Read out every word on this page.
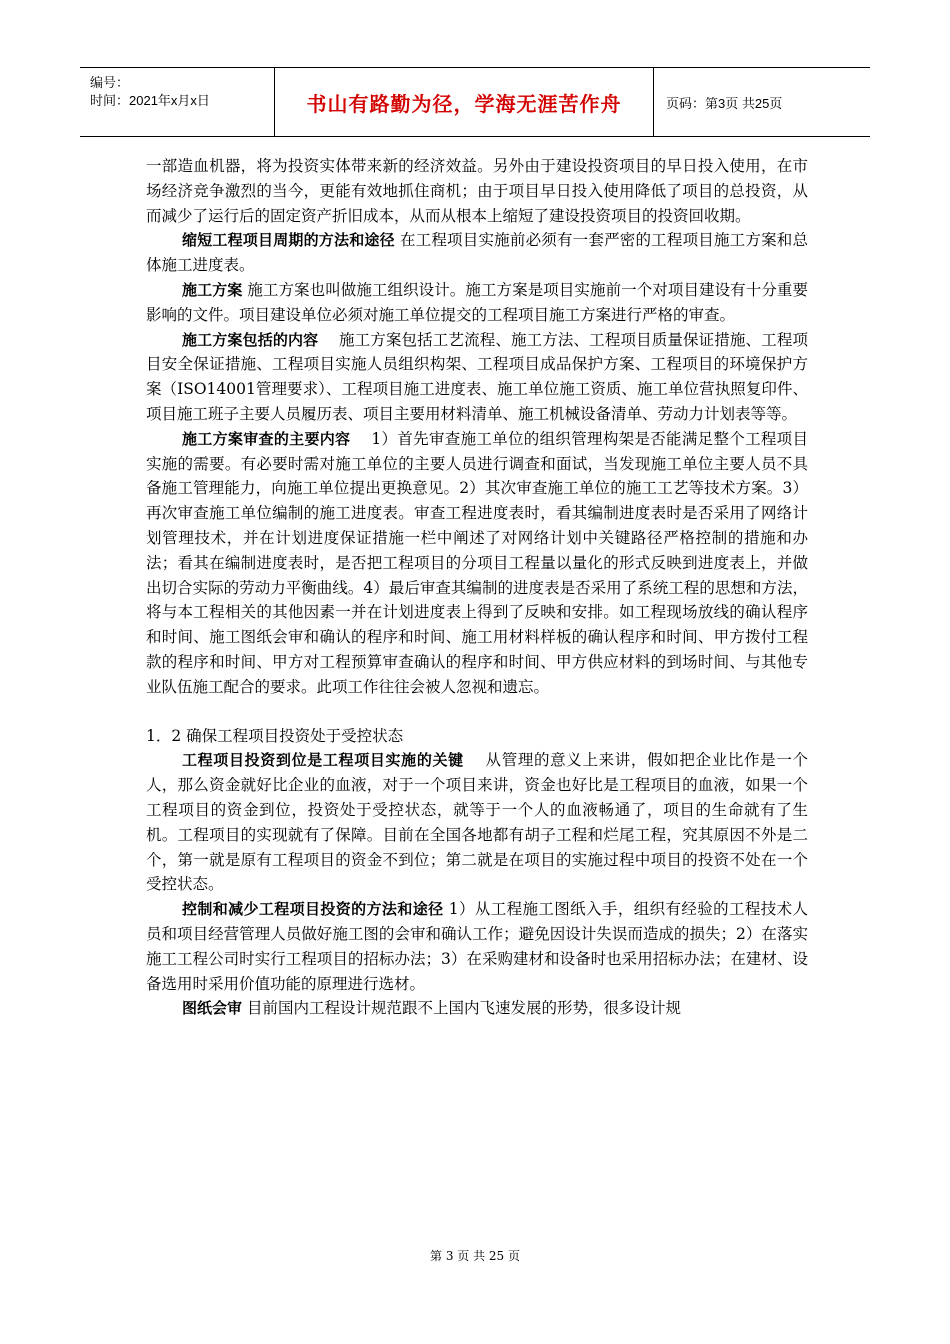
编号：
时间：2021年x月x日	书山有路勤为径，学海无涯苦作舟	页码：第3页 共25页

一部造血机器，将为投资实体带来新的经济效益。另外由于建设投资项目的早日投入使用，在市场经济竞争激烈的当今，更能有效地抓住商机；由于项目早日投入使用降低了项目的总投资，从而减少了运行后的固定资产折旧成本，从而从根本上缩短了建设投资项目的投资回收期。

缩短工程项目周期的方法和途径 在工程项目实施前必须有一套严密的工程项目施工方案和总体施工进度表。

施工方案 施工方案也叫做施工组织设计。施工方案是项目实施前一个对项目建设有十分重要影响的文件。项目建设单位必须对施工单位提交的工程项目施工方案进行严格的审查。

施工方案包括的内容　 施工方案包括工艺流程、施工方法、工程项目质量保证措施、工程项目安全保证措施、工程项目实施人员组织构架、工程项目成品保护方案、工程项目的环境保护方案（ISO14001管理要求）、工程项目施工进度表、施工单位施工资质、施工单位营执照复印件、项目施工班子主要人员履历表、项目主要用材料清单、施工机械设备清单、劳动力计划表等等。

施工方案审查的主要内容　 1）首先审查施工单位的组织管理构架是否能满足整个工程项目实施的需要。有必要时需对施工单位的主要人员进行调查和面试，当发现施工单位主要人员不具备施工管理能力，向施工单位提出更换意见。2）其次审查施工单位的施工工艺等技术方案。3）再次审查施工单位编制的施工进度表。审查工程进度表时，看其编制进度表时是否采用了网络计划管理技术，并在计划进度保证措施一栏中阐述了对网络计划中关键路径严格控制的措施和办法；看其在编制进度表时，是否把工程项目的分项目工程量以量化的形式反映到进度表上，并做出切合实际的劳动力平衡曲线。4）最后审查其编制的进度表是否采用了系统工程的思想和方法，将与本工程相关的其他因素一并在计划进度表上得到了反映和安排。如工程现场放线的确认程序和时间、施工图纸会审和确认的程序和时间、施工用材料样板的确认程序和时间、甲方拨付工程款的程序和时间、甲方对工程预算审查确认的程序和时间、甲方供应材料的到场时间、与其他专业队伍施工配合的要求。此项工作往往会被人忽视和遗忘。

1．2 确保工程项目投资处于受控状态

工程项目投资到位是工程项目实施的关键　 从管理的意义上来讲，假如把企业比作是一个人，那么资金就好比企业的血液，对于一个项目来讲，资金也好比是工程项目的血液，如果一个工程项目的资金到位，投资处于受控状态，就等于一个人的血液畅通了，项目的生命就有了生机。工程项目的实现就有了保障。目前在全国各地都有胡子工程和烂尾工程，究其原因不外是二个，第一就是原有工程项目的资金不到位；第二就是在项目的实施过程中项目的投资不处在一个受控状态。

控制和减少工程项目投资的方法和途径 1）从工程施工图纸入手，组织有经验的工程技术人员和项目经营管理人员做好施工图的会审和确认工作；避免因设计失误而造成的损失；2）在落实施工工程公司时实行工程项目的招标办法；3）在采购建材和设备时也采用招标办法；在建材、设备选用时采用价值功能的原理进行选材。

图纸会审 目前国内工程设计规范跟不上国内飞速发展的形势，很多设计规

第 3 页 共 25 页
